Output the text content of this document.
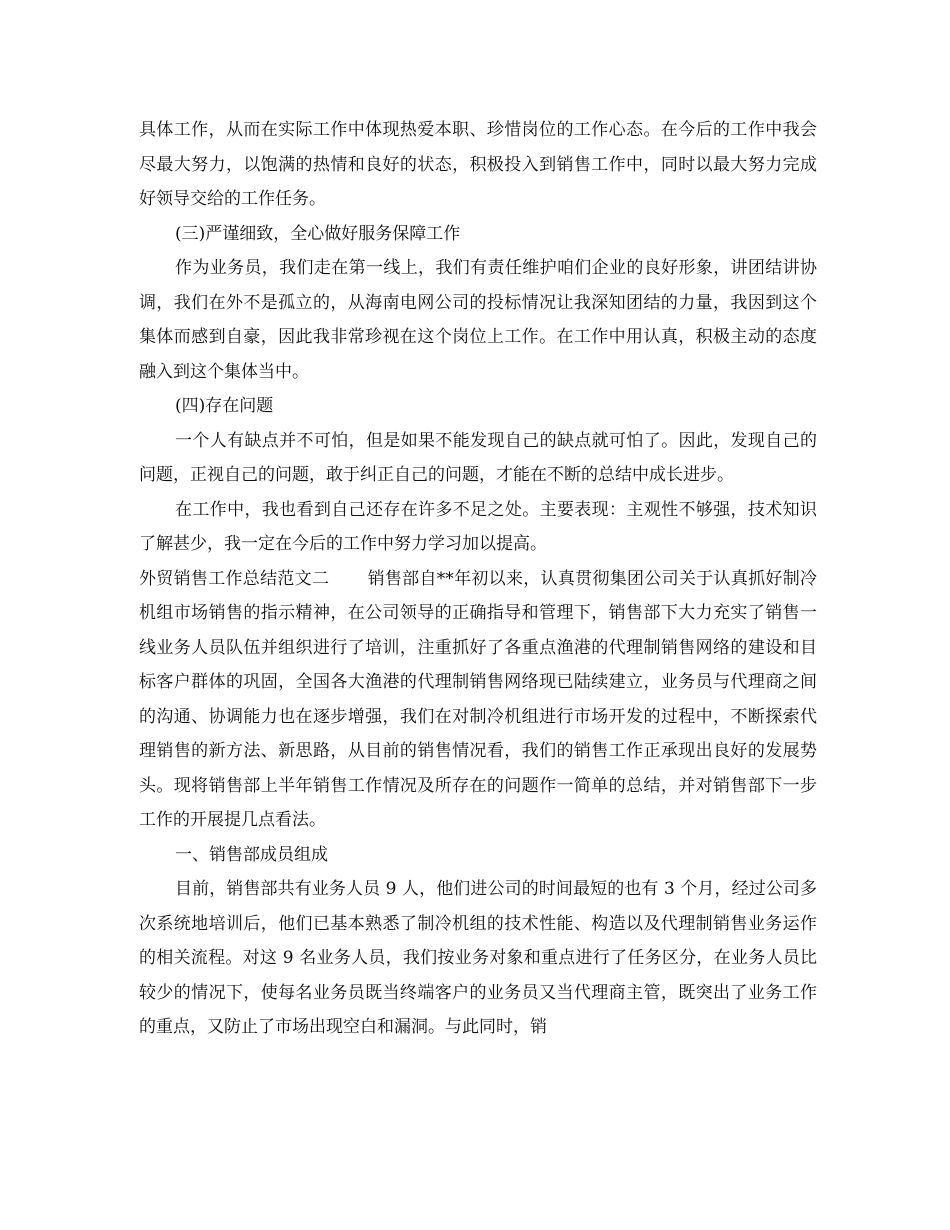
具体工作，从而在实际工作中体现热爱本职、珍惜岗位的工作心态。在今后的工作中我会尽最大努力，以饱满的热情和良好的状态，积极投入到销售工作中，同时以最大努力完成好领导交给的工作任务。

(三)严谨细致，全心做好服务保障工作

作为业务员，我们走在第一线上，我们有责任维护咱们企业的良好形象，讲团结讲协调，我们在外不是孤立的，从海南电网公司的投标情况让我深知团结的力量，我因到这个集体而感到自豪，因此我非常珍视在这个岗位上工作。在工作中用认真，积极主动的态度融入到这个集体当中。

(四)存在问题

一个人有缺点并不可怕，但是如果不能发现自己的缺点就可怕了。因此，发现自己的问题，正视自己的问题，敢于纠正自己的问题，才能在不断的总结中成长进步。

在工作中，我也看到自己还存在许多不足之处。主要表现：主观性不够强，技术知识了解甚少，我一定在今后的工作中努力学习加以提高。

外贸销售工作总结范文二 销售部自**年初以来，认真贯彻集团公司关于认真抓好制冷机组市场销售的指示精神，在公司领导的正确指导和管理下，销售部下大力充实了销售一线业务人员队伍并组织进行了培训，注重抓好了各重点渔港的代理制销售网络的建设和目标客户群体的巩固，全国各大渔港的代理制销售网络现已陆续建立，业务员与代理商之间的沟通、协调能力也在逐步增强，我们在对制冷机组进行市场开发的过程中，不断探索代理销售的新方法、新思路，从目前的销售情况看，我们的销售工作正承现出良好的发展势头。现将销售部上半年销售工作情况及所存在的问题作一简单的总结，并对销售部下一步工作的开展提几点看法。

一、销售部成员组成

目前，销售部共有业务人员 9 人，他们进公司的时间最短的也有 3 个月，经过公司多次系统地培训后，他们已基本熟悉了制冷机组的技术性能、构造以及代理制销售业务运作的相关流程。对这 9 名业务人员，我们按业务对象和重点进行了任务区分，在业务人员比较少的情况下，使每名业务员既当终端客户的业务员又当代理商主管，既突出了业务工作的重点，又防止了市场出现空白和漏洞。与此同时，销
